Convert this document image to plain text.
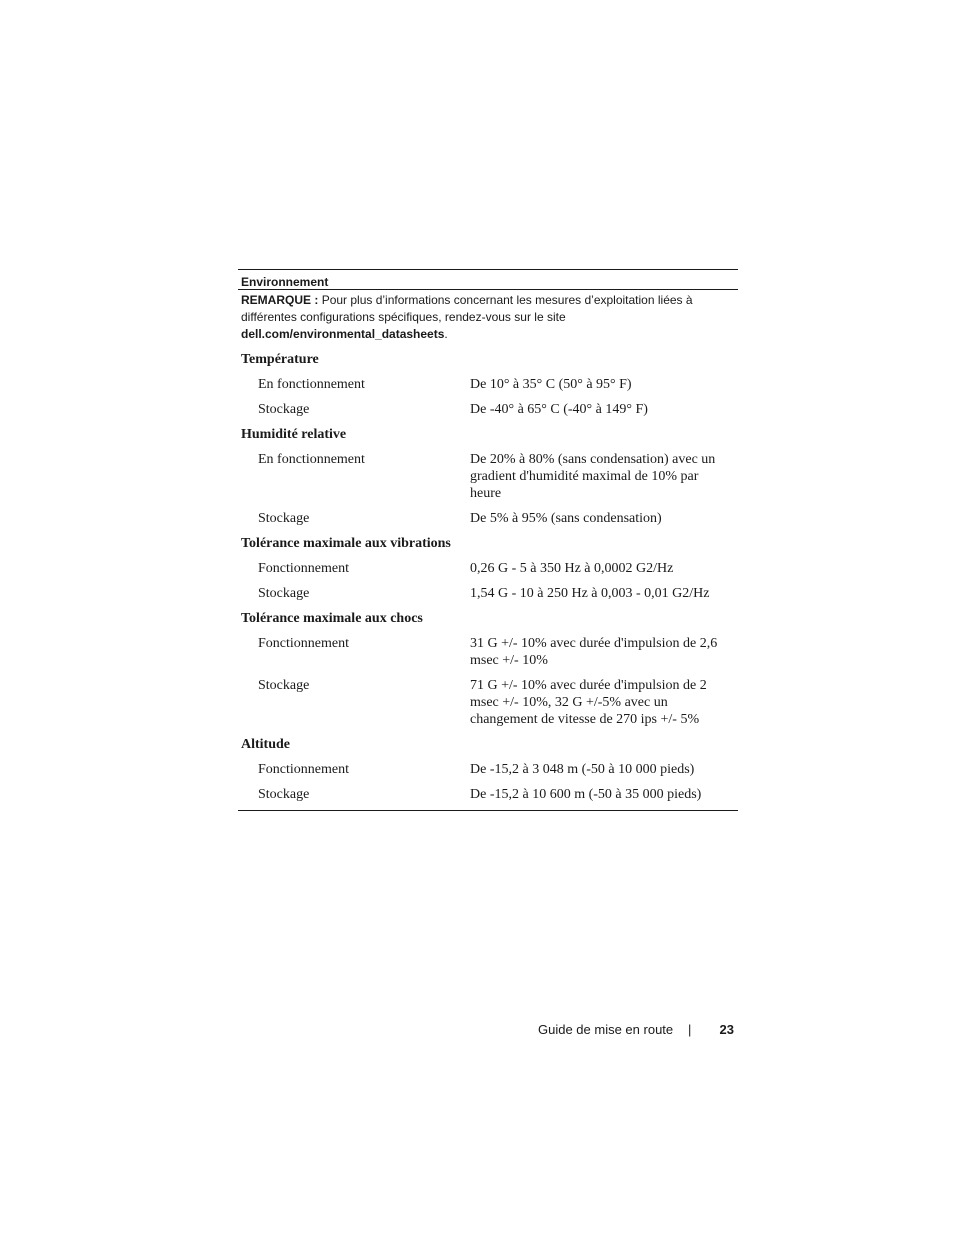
Environnement
REMARQUE : Pour plus d’informations concernant les mesures d’exploitation liées à différentes configurations spécifiques, rendez-vous sur le site dell.com/environmental_datasheets.
Température
En fonctionnement	De 10° à 35° C (50° à 95° F)
Stockage	De -40° à 65° C (-40° à 149° F)
Humidité relative
En fonctionnement	De 20% à 80% (sans condensation) avec un gradient d'humidité maximal de 10% par heure
Stockage	De 5% à 95% (sans condensation)
Tolérance maximale aux vibrations
Fonctionnement	0,26 G - 5 à 350 Hz à 0,0002 G2/Hz
Stockage	1,54 G - 10 à 250 Hz à 0,003 - 0,01 G2/Hz
Tolérance maximale aux chocs
Fonctionnement	31 G +/- 10% avec durée d'impulsion de 2,6 msec +/- 10%
Stockage	71 G +/- 10% avec durée d'impulsion de 2 msec +/- 10%, 32 G +/-5% avec un changement de vitesse de 270 ips +/- 5%
Altitude
Fonctionnement	De -15,2 à 3 048 m (-50 à 10 000 pieds)
Stockage	De -15,2 à 10 600 m (-50 à 35 000 pieds)
Guide de mise en route	|	23
